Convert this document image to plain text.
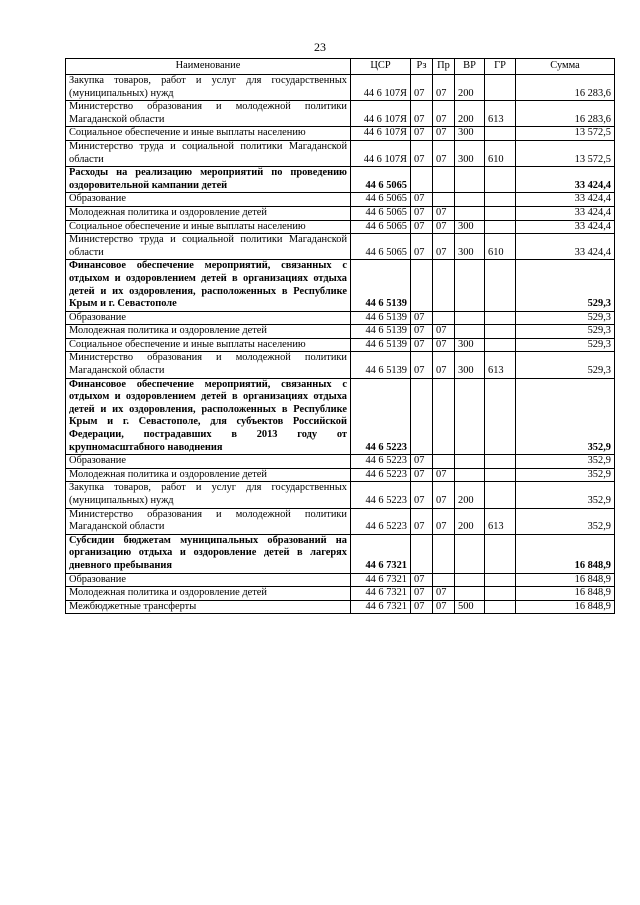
23
Наименование	ЦСР	Рз	Пр	ВР	ГР	Сумма
Закупка товаров, работ и услуг для государственных (муниципальных) нужд	44 6 107Я	07	07	200		16 283,6
Министерство образования и молодежной политики Магаданской области	44 6 107Я	07	07	200	613	16 283,6
Социальное обеспечение и иные выплаты населению	44 6 107Я	07	07	300		13 572,5
Министерство труда и социальной политики Магаданской области	44 6 107Я	07	07	300	610	13 572,5
Расходы на реализацию мероприятий по проведению оздоровительной кампании детей	44 6 5065					33 424,4
Образование	44 6 5065	07				33 424,4
Молодежная политика и оздоровление детей	44 6 5065	07	07			33 424,4
Социальное обеспечение и иные выплаты населению	44 6 5065	07	07	300		33 424,4
Министерство труда и социальной политики Магаданской области	44 6 5065	07	07	300	610	33 424,4
Финансовое обеспечение мероприятий, связанных с отдыхом и оздоровлением детей в организациях отдыха детей и их оздоровления, расположенных в Республике Крым и г. Севастополе	44 6 5139					529,3
Образование	44 6 5139	07				529,3
Молодежная политика и оздоровление детей	44 6 5139	07	07			529,3
Социальное обеспечение и иные выплаты населению	44 6 5139	07	07	300		529,3
Министерство образования и молодежной политики Магаданской области	44 6 5139	07	07	300	613	529,3
Финансовое обеспечение мероприятий, связанных с отдыхом и оздоровлением детей в организациях отдыха детей и их оздоровления, расположенных в Республике Крым и г. Севастополе, для субъектов Российской Федерации, пострадавших в 2013 году от крупномасштабного наводнения	44 6 5223					352,9
Образование	44 6 5223	07				352,9
Молодежная политика и оздоровление детей	44 6 5223	07	07			352,9
Закупка товаров, работ и услуг для государственных (муниципальных) нужд	44 6 5223	07	07	200		352,9
Министерство образования и молодежной политики Магаданской области	44 6 5223	07	07	200	613	352,9
Субсидии бюджетам муниципальных образований на организацию отдыха и оздоровление детей в лагерях дневного пребывания	44 6 7321					16 848,9
Образование	44 6 7321	07				16 848,9
Молодежная политика и оздоровление детей	44 6 7321	07	07			16 848,9
Межбюджетные трансферты	44 6 7321	07	07	500		16 848,9
